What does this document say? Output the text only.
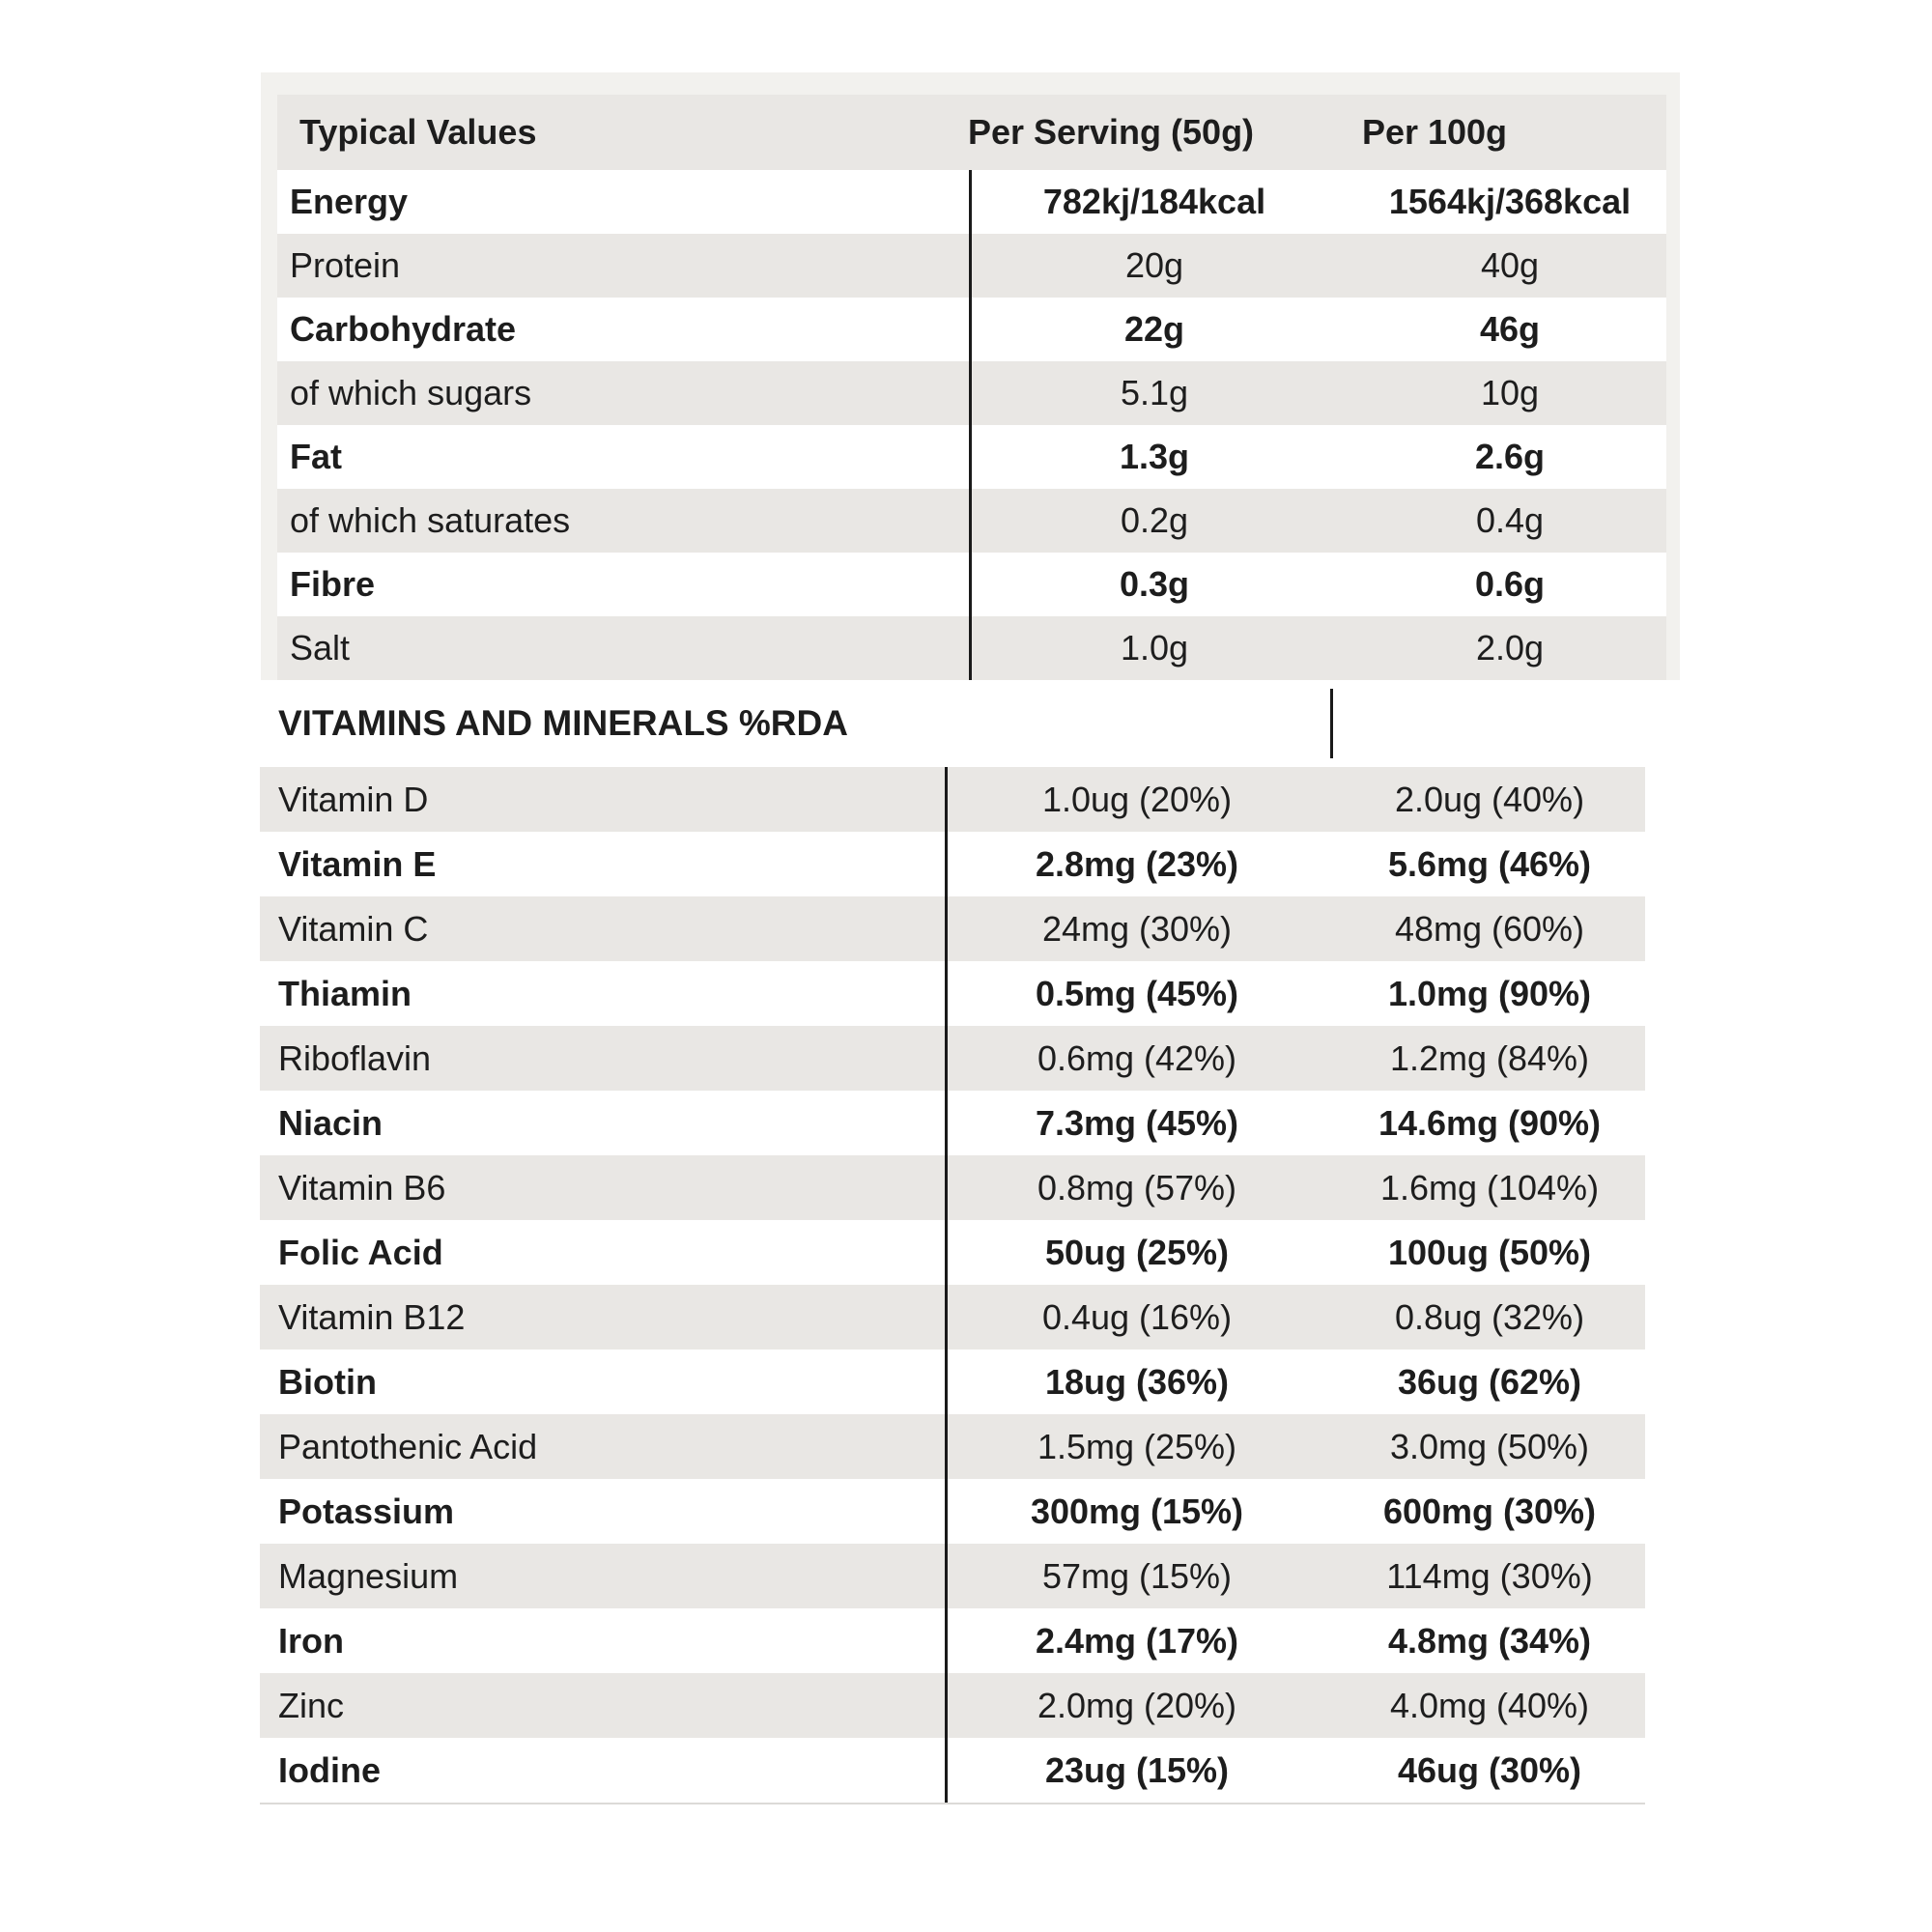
Typical Values	Per Serving (50g)	Per 100g
Energy	782kj/184kcal	1564kj/368kcal
Protein	20g	40g
Carbohydrate	22g	46g
of which sugars	5.1g	10g
Fat	1.3g	2.6g
of which saturates	0.2g	0.4g
Fibre	0.3g	0.6g
Salt	1.0g	2.0g
VITAMINS AND MINERALS %RDA
Vitamin D	1.0ug (20%)	2.0ug (40%)
Vitamin E	2.8mg (23%)	5.6mg (46%)
Vitamin C	24mg (30%)	48mg (60%)
Thiamin	0.5mg (45%)	1.0mg (90%)
Riboflavin	0.6mg (42%)	1.2mg (84%)
Niacin	7.3mg (45%)	14.6mg (90%)
Vitamin B6	0.8mg (57%)	1.6mg (104%)
Folic Acid	50ug (25%)	100ug (50%)
Vitamin B12	0.4ug (16%)	0.8ug (32%)
Biotin	18ug (36%)	36ug (62%)
Pantothenic Acid	1.5mg (25%)	3.0mg (50%)
Potassium	300mg (15%)	600mg (30%)
Magnesium	57mg (15%)	114mg (30%)
Iron	2.4mg (17%)	4.8mg (34%)
Zinc	2.0mg (20%)	4.0mg (40%)
Iodine	23ug (15%)	46ug (30%)
